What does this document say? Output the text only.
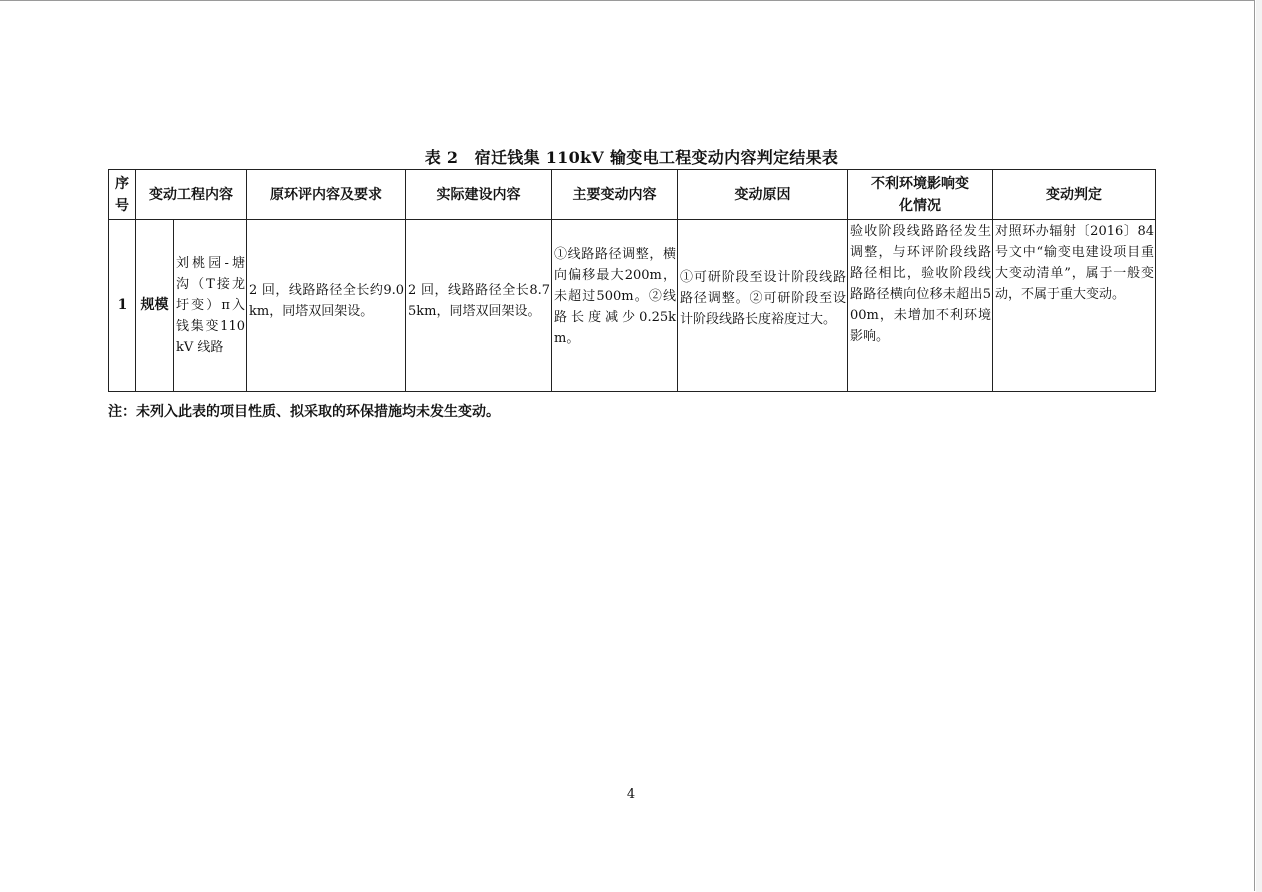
表 2　宿迁钱集 110kV 输变电工程变动内容判定结果表
序号	变动工程内容		原环评内容及要求	实际建设内容	主要变动内容	变动原因	不利环境影响变化情况	变动判定
1	规模	刘桃园-塘沟（T接龙圩变）π入钱集变110kV 线路	2 回，线路路径全长约9.0km，同塔双回架设。	2 回，线路路径全长8.75km，同塔双回架设。	①线路路径调整，横向偏移最大200m，未超过500m。②线路长度减少0.25km。	①可研阶段至设计阶段线路路径调整。②可研阶段至设计阶段线路长度裕度过大。	验收阶段线路路径发生调整，与环评阶段线路路径相比，验收阶段线路路径横向位移未超出500m，未增加不利环境影响。	对照环办辐射〔2016〕84 号文中“输变电建设项目重大变动清单”，属于一般变动，不属于重大变动。
注：未列入此表的项目性质、拟采取的环保措施均未发生变动。
4
